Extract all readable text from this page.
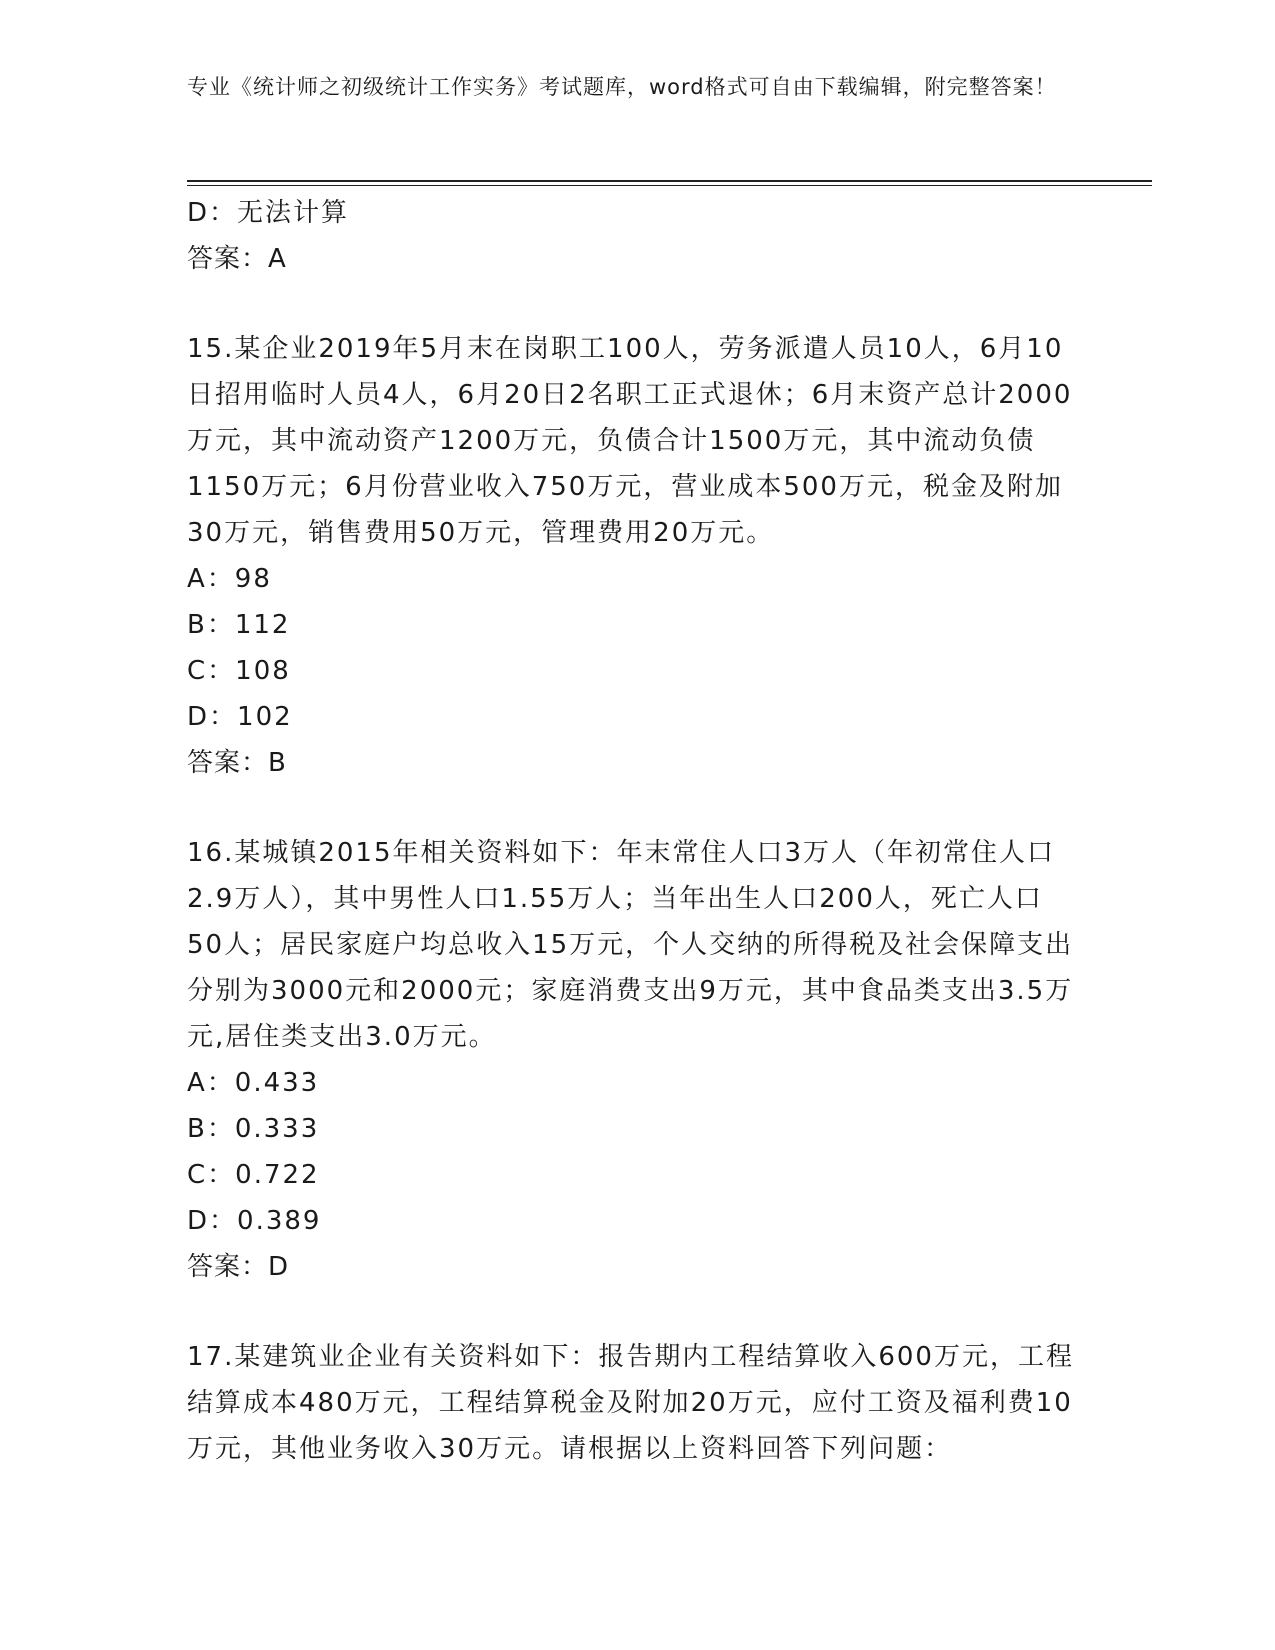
专业《统计师之初级统计工作实务》考试题库，word格式可自由下载编辑，附完整答案！
D：无法计算
答案：A
15.某企业2019年5月末在岗职工100人，劳务派遣人员10人，6月10日招用临时人员4人，6月20日2名职工正式退休；6月末资产总计2000万元，其中流动资产1200万元，负债合计1500万元，其中流动负债1150万元；6月份营业收入750万元，营业成本500万元，税金及附加30万元，销售费用50万元，管理费用20万元。
A：98
B：112
C：108
D：102
答案：B
16.某城镇2015年相关资料如下：年末常住人口3万人（年初常住人口2.9万人），其中男性人口1.55万人；当年出生人口200人，死亡人口50人；居民家庭户均总收入15万元，个人交纳的所得税及社会保障支出分别为3000元和2000元；家庭消费支出9万元，其中食品类支出3.5万元,居住类支出3.0万元。
A：0.433
B：0.333
C：0.722
D：0.389
答案：D
17.某建筑业企业有关资料如下：报告期内工程结算收入600万元，工程结算成本480万元，工程结算税金及附加20万元，应付工资及福利费10万元，其他业务收入30万元。请根据以上资料回答下列问题：
